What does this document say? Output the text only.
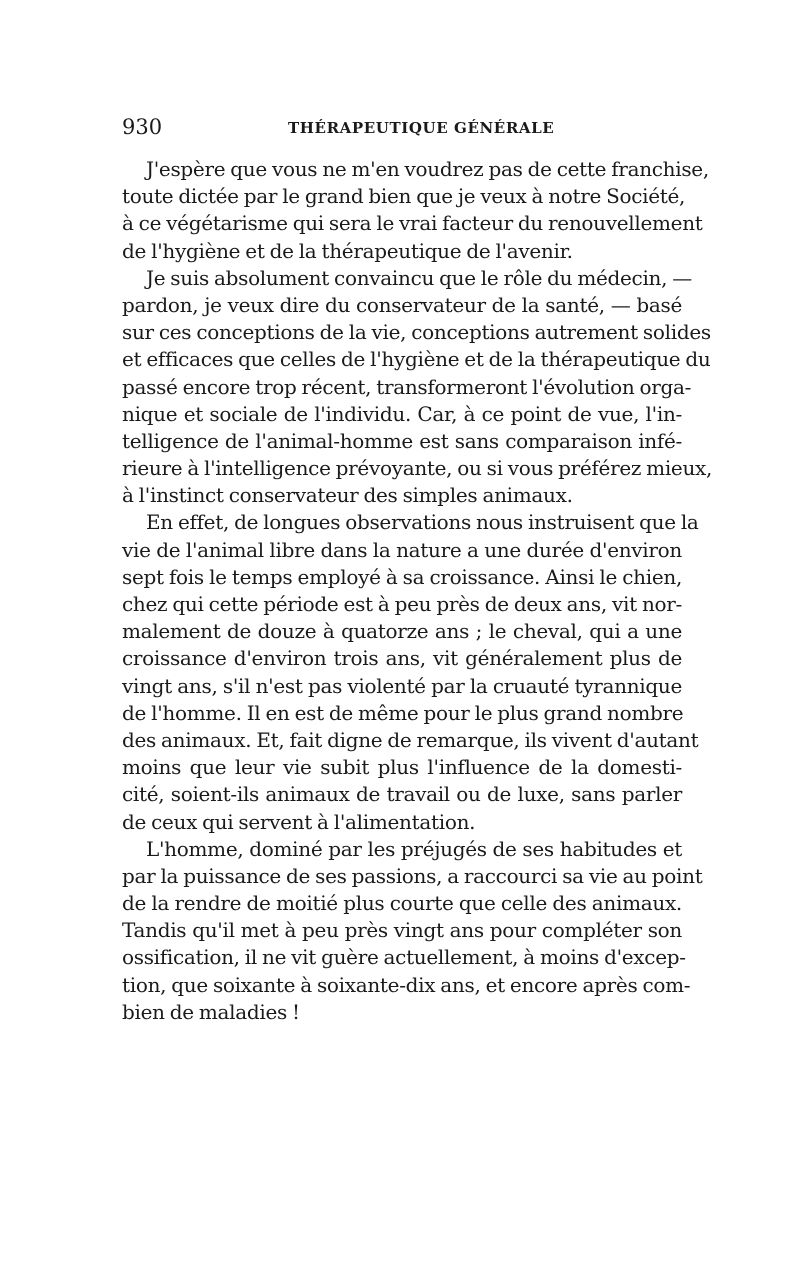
930	THÉRAPEUTIQUE GÉNÉRALE
J'espère que vous ne m'en voudrez pas de cette franchise,
toute dictée par le grand bien que je veux à notre Société,
à ce végétarisme qui sera le vrai facteur du renouvellement
de l'hygiène et de la thérapeutique de l'avenir.
Je suis absolument convaincu que le rôle du médecin, —
pardon, je veux dire du conservateur de la santé, — basé
sur ces conceptions de la vie, conceptions autrement solides
et efficaces que celles de l'hygiène et de la thérapeutique du
passé encore trop récent, transformeront l'évolution orga-
nique et sociale de l'individu. Car, à ce point de vue, l'in-
telligence de l'animal-homme est sans comparaison infé-
rieure à l'intelligence prévoyante, ou si vous préférez mieux,
à l'instinct conservateur des simples animaux.
En effet, de longues observations nous instruisent que la
vie de l'animal libre dans la nature a une durée d'environ
sept fois le temps employé à sa croissance. Ainsi le chien,
chez qui cette période est à peu près de deux ans, vit nor-
malement de douze à quatorze ans ; le cheval, qui a une
croissance d'environ trois ans, vit généralement plus de
vingt ans, s'il n'est pas violenté par la cruauté tyrannique
de l'homme. Il en est de même pour le plus grand nombre
des animaux. Et, fait digne de remarque, ils vivent d'autant
moins que leur vie subit plus l'influence de la domesti-
cité, soient-ils animaux de travail ou de luxe, sans parler
de ceux qui servent à l'alimentation.
L'homme, dominé par les préjugés de ses habitudes et
par la puissance de ses passions, a raccourci sa vie au point
de la rendre de moitié plus courte que celle des animaux.
Tandis qu'il met à peu près vingt ans pour compléter son
ossification, il ne vit guère actuellement, à moins d'excep-
tion, que soixante à soixante-dix ans, et encore après com-
bien de maladies !
